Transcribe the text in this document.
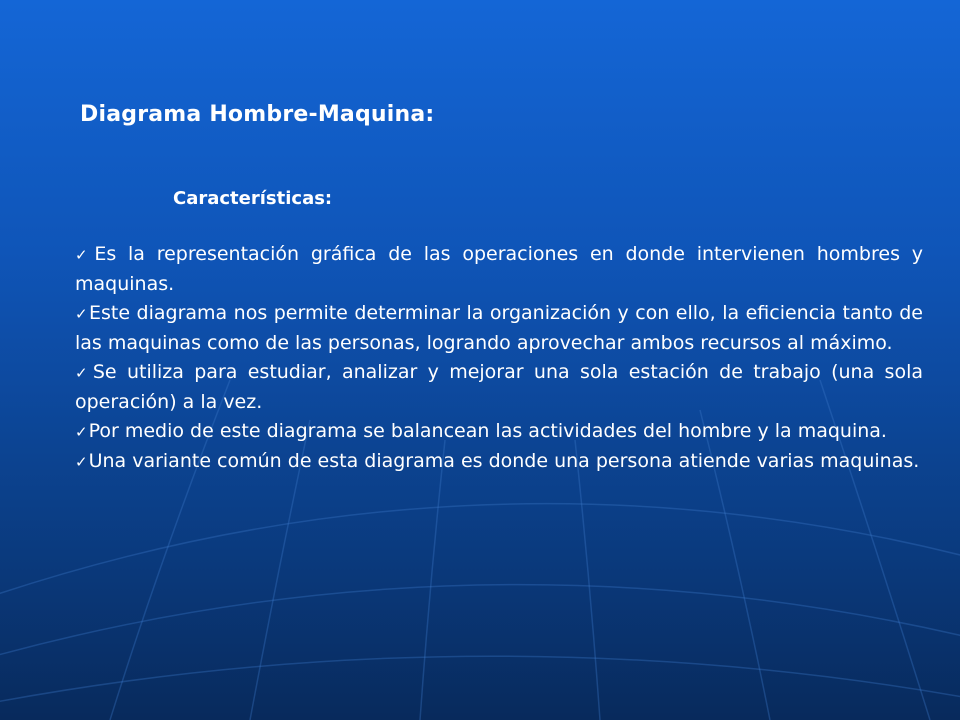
Diagrama Hombre-Maquina:
Características:
✓Es la representación gráfica de las operaciones en donde intervienen hombres y maquinas.
✓Este diagrama nos permite determinar la organización y con ello, la eficiencia tanto de las maquinas como de las personas, logrando aprovechar ambos recursos al máximo.
✓Se utiliza para estudiar, analizar y mejorar una sola estación de trabajo (una sola operación) a la vez.
✓Por medio de este diagrama se balancean las actividades del hombre y la maquina.
✓Una variante común de esta diagrama es donde una persona atiende varias maquinas.
